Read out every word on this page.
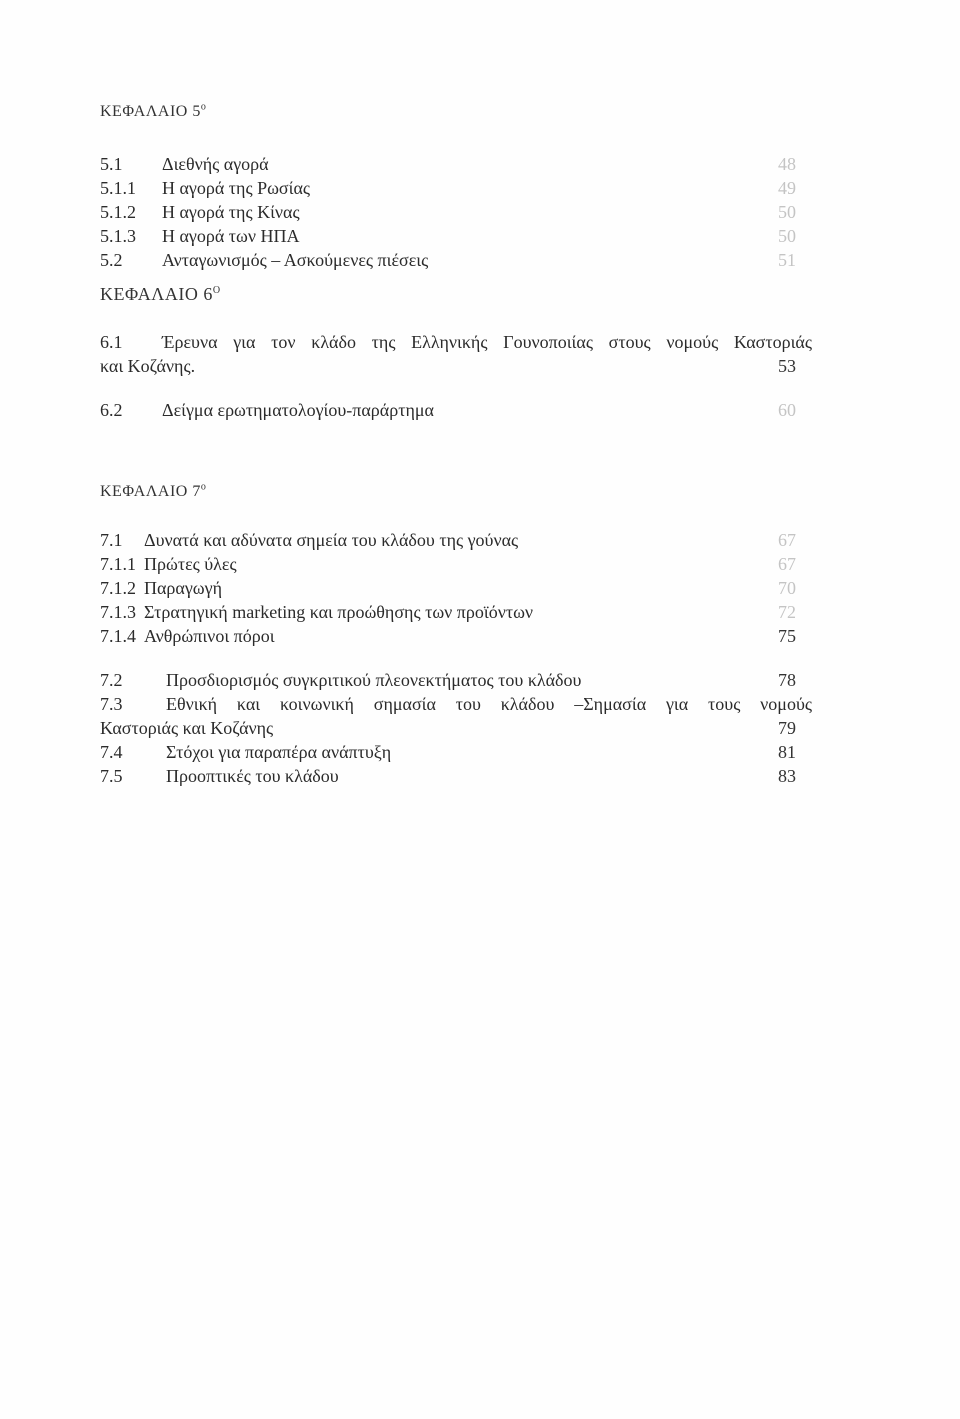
ΚΕΦΑΛΑΙΟ $5^o$
5.1 Διεθνής αγορά	48
5.1.1 Η αγορά της Ρωσίας	49
5.1.2 Η αγορά της Κίνας	50
5.1.3 Η αγορά των ΗΠΑ	50
5.2 Ανταγωνισμός – Ασκούμενες πιέσεις	51
ΚΕΦΑΛΑΙΟ $6^O$
6.1 Έρευνα για τον κλάδο της Ελληνικής Γουνοποιίας στους νομούς Καστοριάς
και Κοζάνης.	53
6.2 Δείγμα ερωτηματολογίου-παράρτημα	60
ΚΕΦΑΛΑΙΟ $7^o$
7.1 Δυνατά και αδύνατα σημεία του κλάδου της γούνας	67
7.1.1 Πρώτες ύλες	67
7.1.2 Παραγωγή	70
7.1.3 Στρατηγική marketing και προώθησης των προϊόντων	72
7.1.4 Ανθρώπινοι πόροι	75
7.2 Προσδιορισμός συγκριτικού πλεονεκτήματος του κλάδου	78
7.3 Εθνική και κοινωνική σημασία του κλάδου –Σημασία για τους νομούς
Καστοριάς και Κοζάνης	79
7.4 Στόχοι για παραπέρα ανάπτυξη	81
7.5 Προοπτικές του κλάδου	83
